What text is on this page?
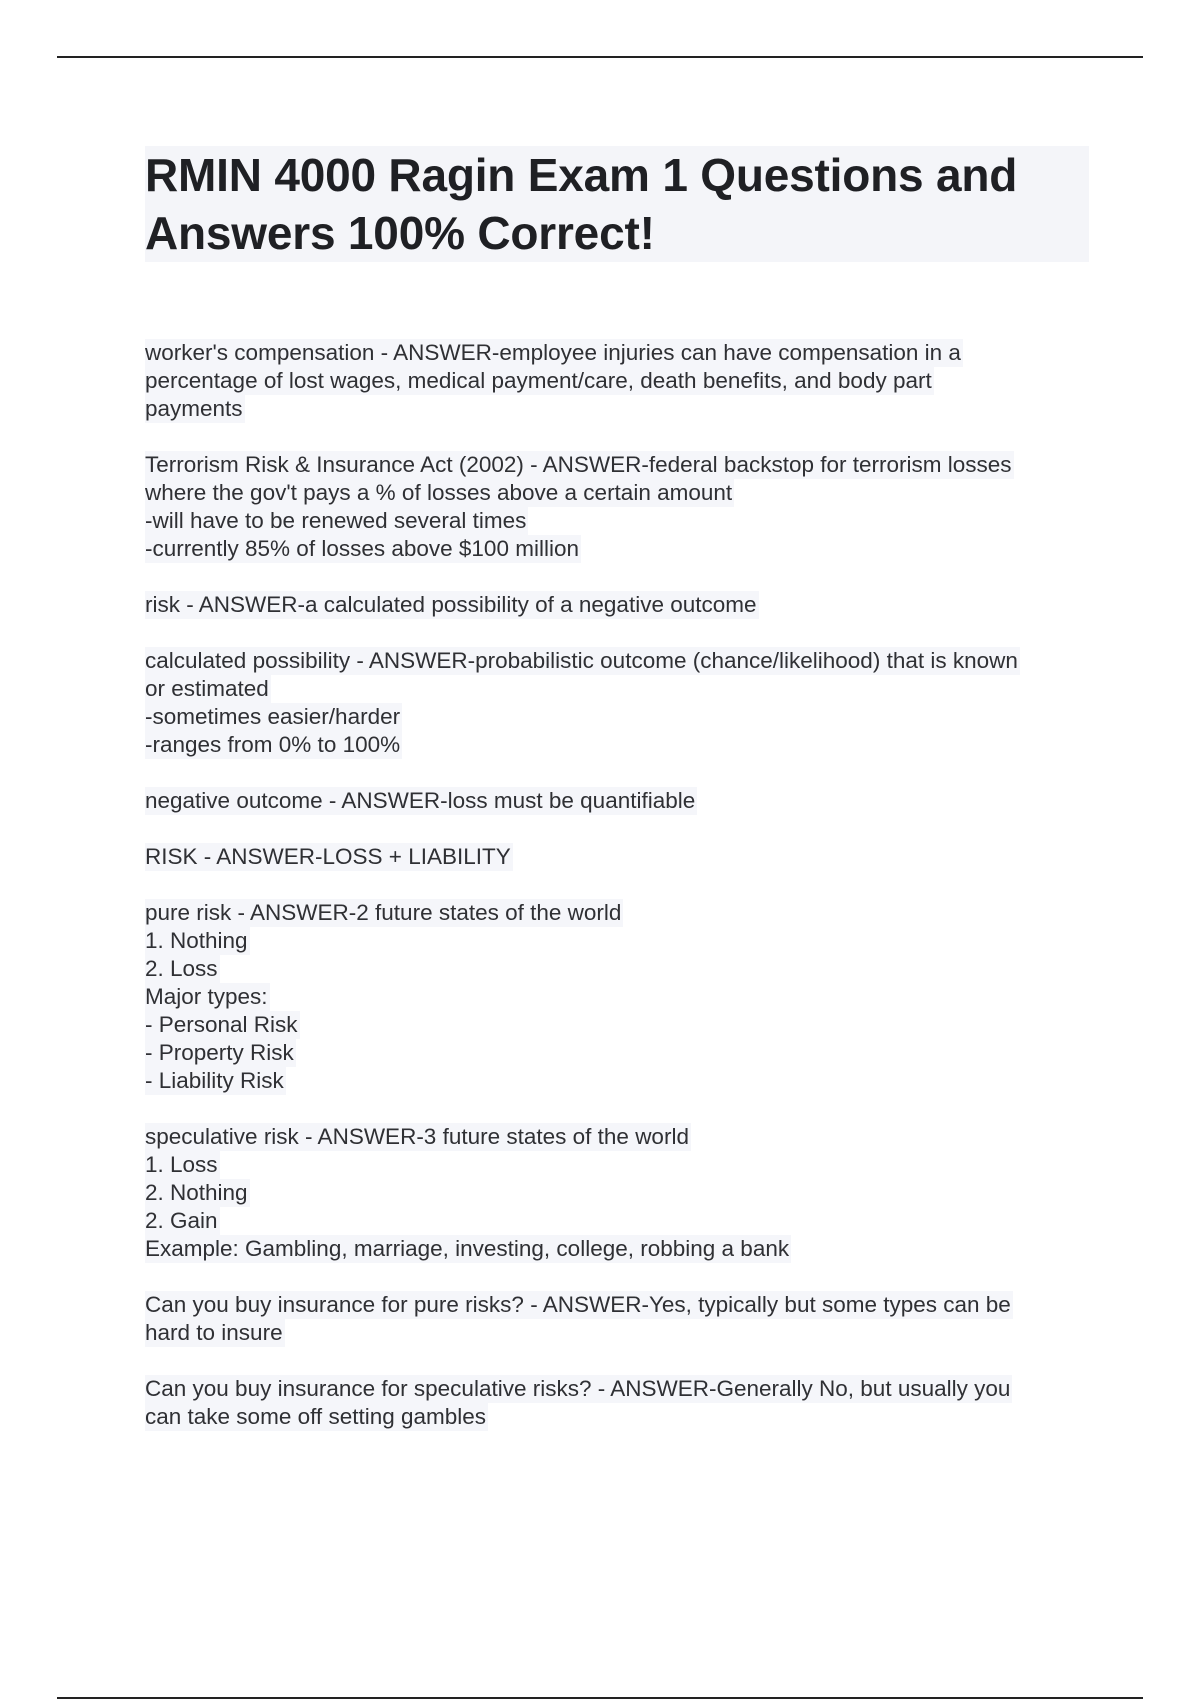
RMIN 4000 Ragin Exam 1 Questions and Answers 100% Correct!
worker's compensation - ANSWER-employee injuries can have compensation in a
percentage of lost wages, medical payment/care, death benefits, and body part
payments
Terrorism Risk & Insurance Act (2002) - ANSWER-federal backstop for terrorism losses
where the gov't pays a % of losses above a certain amount
-will have to be renewed several times
-currently 85% of losses above $100 million
risk - ANSWER-a calculated possibility of a negative outcome
calculated possibility - ANSWER-probabilistic outcome (chance/likelihood) that is known
or estimated
-sometimes easier/harder
-ranges from 0% to 100%
negative outcome - ANSWER-loss must be quantifiable
RISK - ANSWER-LOSS + LIABILITY
pure risk - ANSWER-2 future states of the world
1. Nothing
2. Loss
Major types:
- Personal Risk
- Property Risk
- Liability Risk
speculative risk - ANSWER-3 future states of the world
1. Loss
2. Nothing
2. Gain
Example: Gambling, marriage, investing, college, robbing a bank
Can you buy insurance for pure risks? - ANSWER-Yes, typically but some types can be
hard to insure
Can you buy insurance for speculative risks? - ANSWER-Generally No, but usually you
can take some off setting gambles
